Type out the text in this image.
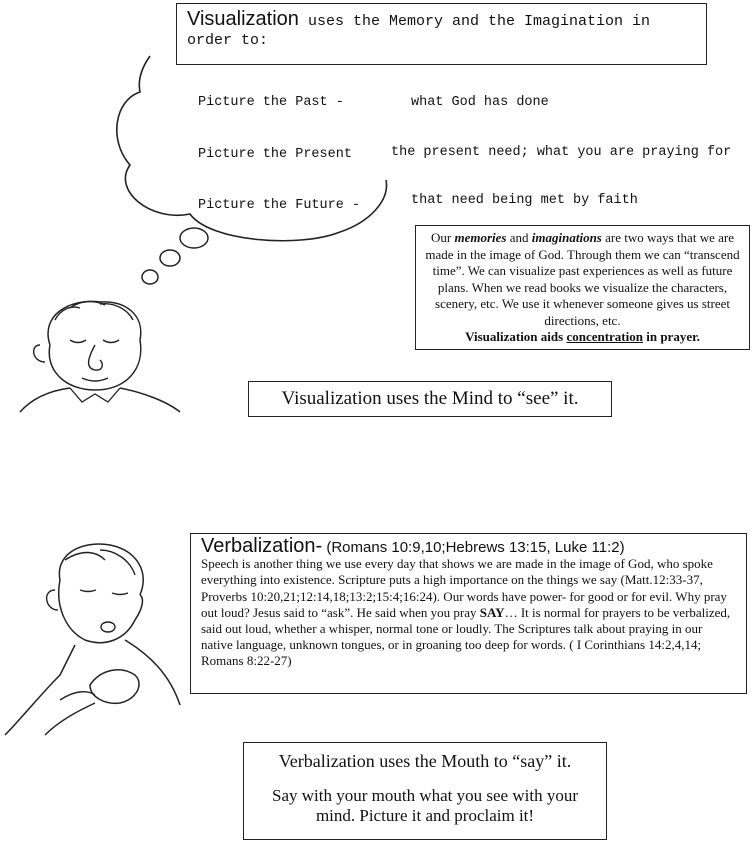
Visualization uses the Memory and the Imagination in order to:
Picture the Past -	what God has done
Picture the Present	the present need; what you are praying for
Picture the Future -	that need being met by faith
Our memories and imaginations are two ways that we are made in the image of God. Through them we can “transcend time”. We can visualize past experiences as well as future plans. When we read books we visualize the characters, scenery, etc. We use it whenever someone gives us street directions, etc.
Visualization aids concentration in prayer.
Visualization uses the Mind to “see” it.
Verbalization- (Romans 10:9,10;Hebrews 13:15, Luke 11:2)
Speech is another thing we use every day that shows we are made in the image of God, who spoke everything into existence. Scripture puts a high importance on the things we say (Matt.12:33-37, Proverbs 10:20,21;12:14,18;13:2;15:4;16:24). Our words have power- for good or for evil. Why pray out loud? Jesus said to “ask”. He said when you pray SAY… It is normal for prayers to be verbalized, said out loud, whether a whisper, normal tone or loudly. The Scriptures talk about praying in our native language, unknown tongues, or in groaning too deep for words. ( I Corinthians 14:2,4,14; Romans 8:22-27)
Verbalization uses the Mouth to “say” it.
Say with your mouth what you see with your mind. Picture it and proclaim it!
